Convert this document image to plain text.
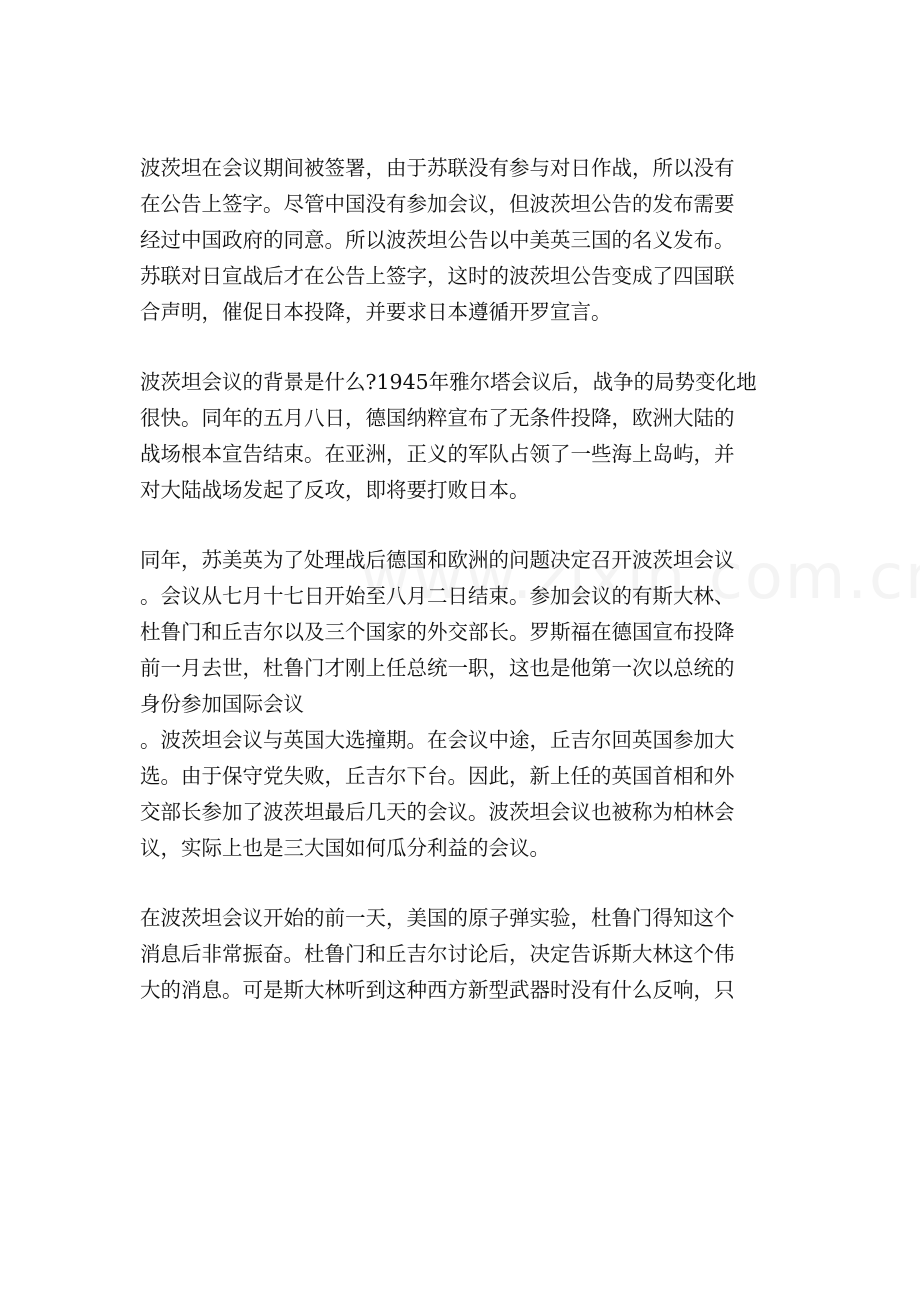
波茨坦在会议期间被签署，由于苏联没有参与对日作战，所以没有
在公告上签字。尽管中国没有参加会议，但波茨坦公告的发布需要
经过中国政府的同意。所以波茨坦公告以中美英三国的名义发布。
苏联对日宣战后才在公告上签字，这时的波茨坦公告变成了四国联
合声明，催促日本投降，并要求日本遵循开罗宣言。
波茨坦会议的背景是什么?1945年雅尔塔会议后，战争的局势变化地
很快。同年的五月八日，德国纳粹宣布了无条件投降，欧洲大陆的
战场根本宣告结束。在亚洲，正义的军队占领了一些海上岛屿，并
对大陆战场发起了反攻，即将要打败日本。
同年，苏美英为了处理战后德国和欧洲的问题决定召开波茨坦会议
。会议从七月十七日开始至八月二日结束。参加会议的有斯大林、
杜鲁门和丘吉尔以及三个国家的外交部长。罗斯福在德国宣布投降
前一月去世，杜鲁门才刚上任总统一职，这也是他第一次以总统的
身份参加国际会议
。波茨坦会议与英国大选撞期。在会议中途，丘吉尔回英国参加大
选。由于保守党失败，丘吉尔下台。因此，新上任的英国首相和外
交部长参加了波茨坦最后几天的会议。波茨坦会议也被称为柏林会
议，实际上也是三大国如何瓜分利益的会议。
在波茨坦会议开始的前一天，美国的原子弹实验，杜鲁门得知这个
消息后非常振奋。杜鲁门和丘吉尔讨论后，决定告诉斯大林这个伟
大的消息。可是斯大林听到这种西方新型武器时没有什么反响，只
